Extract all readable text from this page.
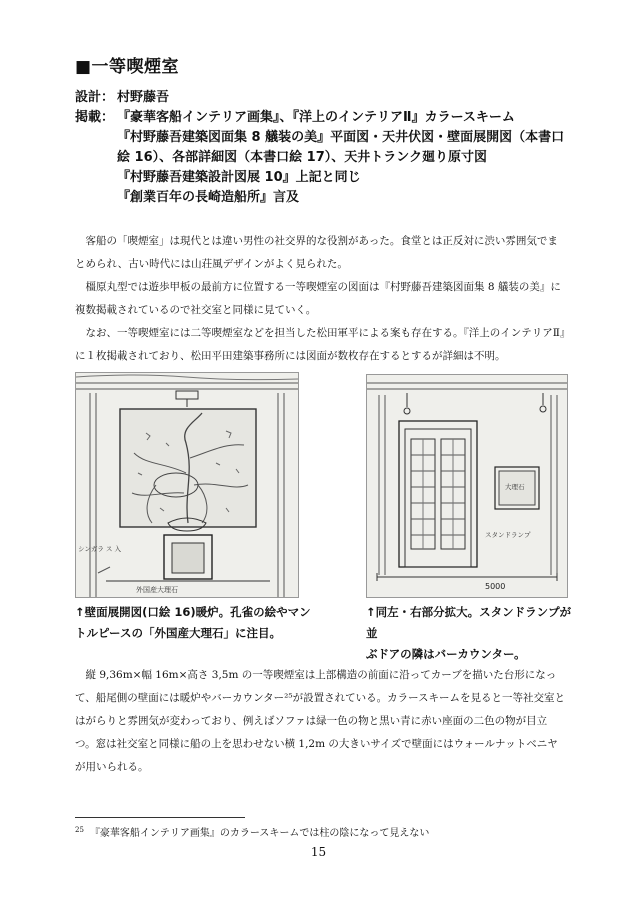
■一等喫煙室
設計： 村野藤吾
掲載： 『豪華客船インテリア画集』、『洋上のインテリアⅡ』カラースキーム
『村野藤吾建築図面集 8 艤装の美』平面図・天井伏図・壁面展開図（本書口
絵 16）、各部詳細図（本書口絵 17）、天井トランク廻り原寸図
『村野藤吾建築設計図展 10』上記と同じ
『創業百年の長崎造船所』言及

客船の「喫煙室」は現代とは違い男性の社交界的な役割があった。食堂とは正反対に渋い雰囲気でまとめられ、古い時代には山荘風デザインがよく見られた。

橿原丸型では遊歩甲板の最前方に位置する一等喫煙室の図面は『村野藤吾建築図面集 8 艤装の美』に複数掲載されているので社交室と同様に見ていく。

なお、一等喫煙室には二等喫煙室などを担当した松田軍平による案も存在する。『洋上のインテリアⅡ』に１枚掲載されており、松田平田建築事務所には図面が数枚存在するとするが詳細は不明。

シンガラ ス 入
外国産大理石
大理石
スタンドランプ
5000
↑壁面展開図(口絵 16)暖炉。孔雀の絵やマン
トルピースの「外国産大理石」に注目。
↑同左・右部分拡大。スタンドランプが並
ぶドアの隣はバーカウンター。

縦 9,36m×幅 16m×高さ 3,5m の一等喫煙室は上部構造の前面に沿ってカーブを描いた台形になって、船尾側の壁面には暖炉やバーカウンター²⁵が設置されている。カラースキームを見ると一等社交室とはがらりと雰囲気が変わっており、例えばソファは緑一色の物と黒い青に赤い座面の二色の物が目立つ。窓は社交室と同様に船の上を思わせない横 1,2m の大きいサイズで壁面にはウォールナットベニヤが用いられる。

$^{25}$ 『豪華客船インテリア画集』のカラースキームでは柱の陰になって見えない
15
